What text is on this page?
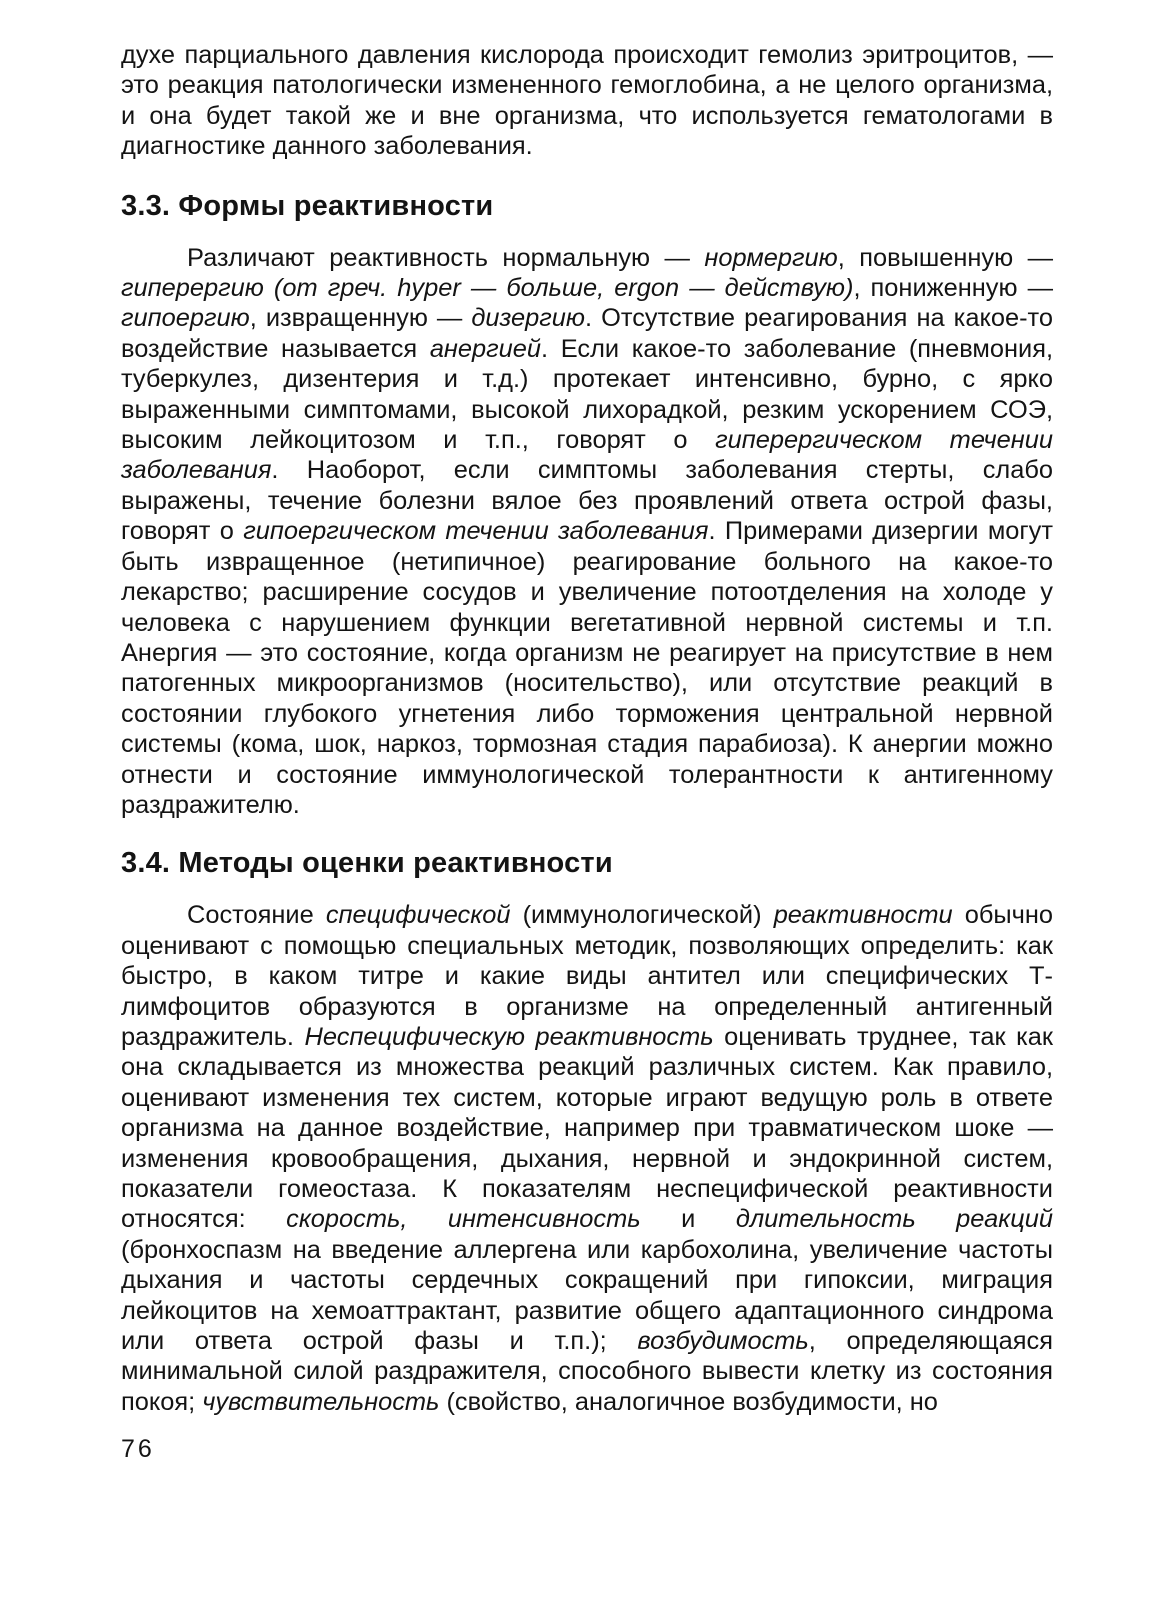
духе парциального давления кислорода происходит гемолиз эритроцитов, — это реакция патологически измененного гемоглобина, а не целого организма, и она будет такой же и вне организма, что используется гематологами в диагностике данного заболевания.

3.3. Формы реактивности

Различают реактивность нормальную — нормергию, повышенную — гиперергию (от греч. hyper — больше, ergon — действую), пониженную — гипоергию, извращенную — дизергию. Отсутствие реагирования на какое-то воздействие называется анергией. Если какое-то заболевание (пневмония, туберкулез, дизентерия и т.д.) протекает интенсивно, бурно, с ярко выраженными симптомами, высокой лихорадкой, резким ускорением СОЭ, высоким лейкоцитозом и т.п., говорят о гиперергическом течении заболевания. Наоборот, если симптомы заболевания стерты, слабо выражены, течение болезни вялое без проявлений ответа острой фазы, говорят о гипоергическом течении заболевания. Примерами дизергии могут быть извращенное (нетипичное) реагирование больного на какое-то лекарство; расширение сосудов и увеличение потоотделения на холоде у человека с нарушением функции вегетативной нервной системы и т.п. Анергия — это состояние, когда организм не реагирует на присутствие в нем патогенных микроорганизмов (носительство), или отсутствие реакций в состоянии глубокого угнетения либо торможения центральной нервной системы (кома, шок, наркоз, тормозная стадия парабиоза). К анергии можно отнести и состояние иммунологической толерантности к антигенному раздражителю.

3.4. Методы оценки реактивности

Состояние специфической (иммунологической) реактивности обычно оценивают с помощью специальных методик, позволяющих определить: как быстро, в каком титре и какие виды антител или специфических Т-лимфоцитов образуются в организме на определенный антигенный раздражитель. Неспецифическую реактивность оценивать труднее, так как она складывается из множества реакций различных систем. Как правило, оценивают изменения тех систем, которые играют ведущую роль в ответе организма на данное воздействие, например при травматическом шоке — изменения кровообращения, дыхания, нервной и эндокринной систем, показатели гомеостаза. К показателям неспецифической реактивности относятся: скорость, интенсивность и длительность реакций (бронхоспазм на введение аллергена или карбохолина, увеличение частоты дыхания и частоты сердечных сокращений при гипоксии, миграция лейкоцитов на хемоаттрактант, развитие общего адаптационного синдрома или ответа острой фазы и т.п.); возбудимость, определяющаяся минимальной силой раздражителя, способного вывести клетку из состояния покоя; чувствительность (свойство, аналогичное возбудимости, но

76
